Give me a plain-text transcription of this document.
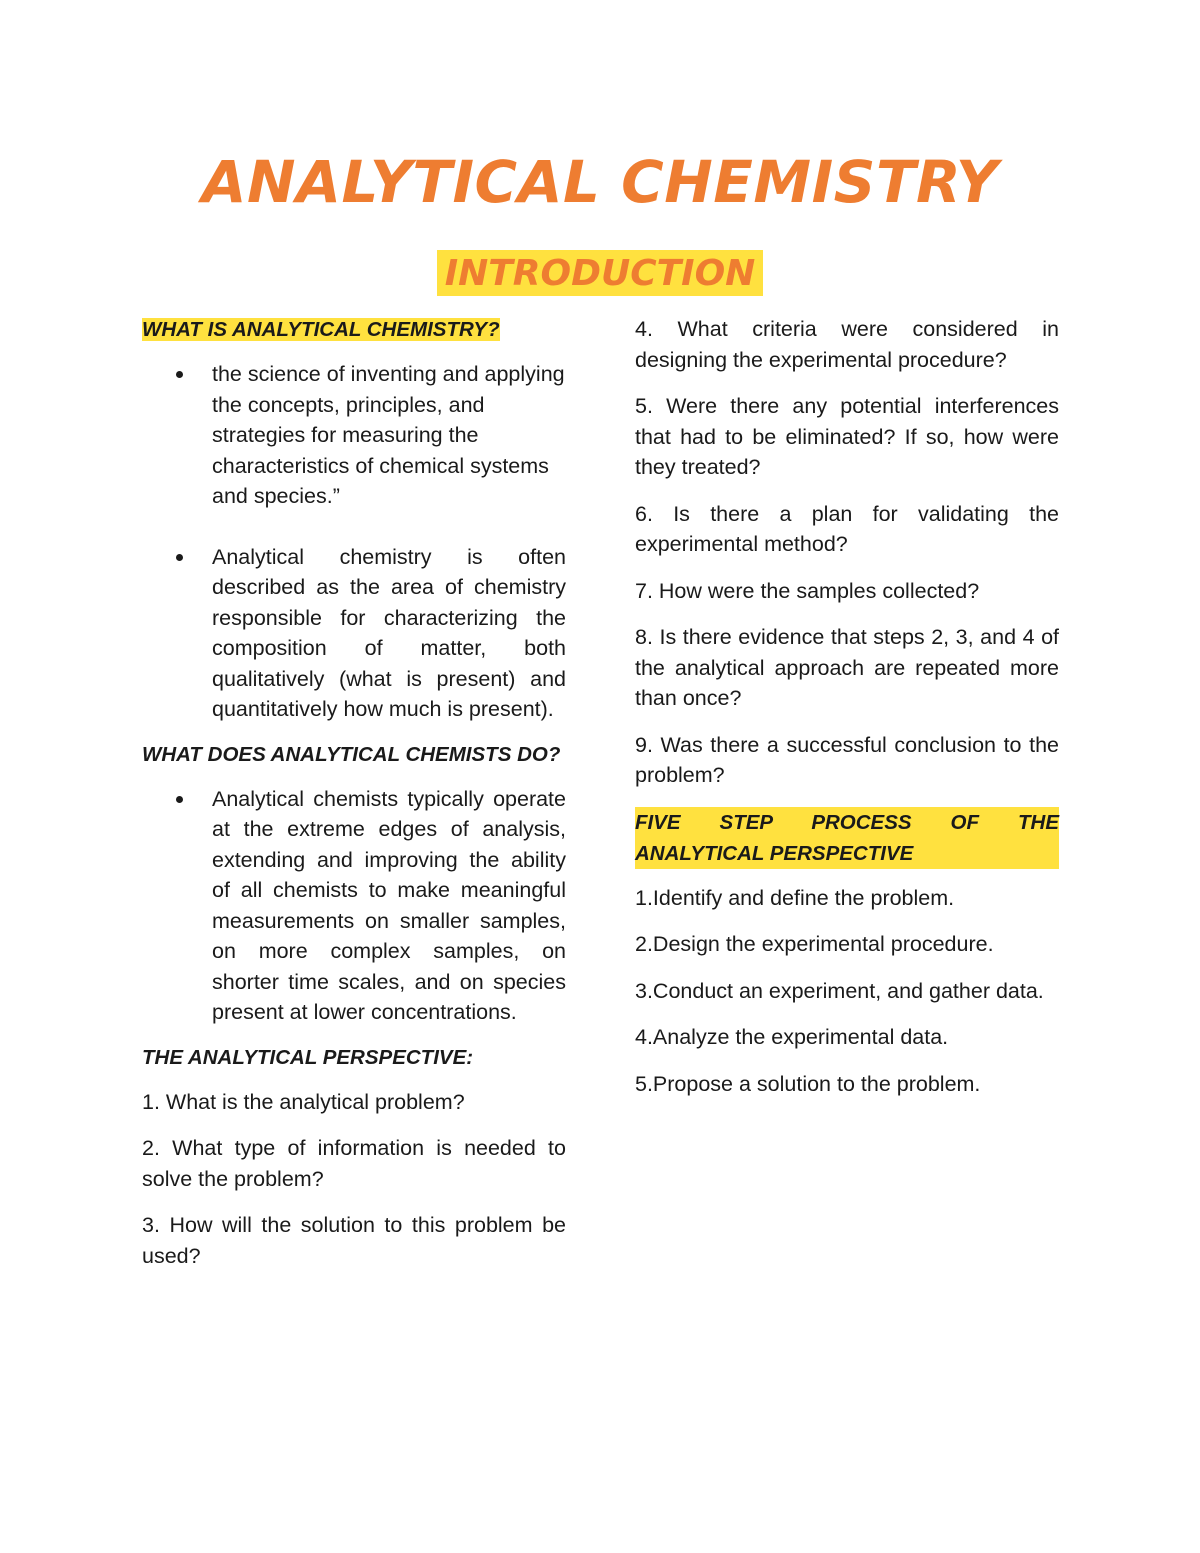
ANALYTICAL CHEMISTRY
INTRODUCTION
WHAT IS ANALYTICAL CHEMISTRY?
the science of inventing and applying the concepts, principles, and strategies for measuring the characteristics of chemical systems and species.”
Analytical chemistry is often described as the area of chemistry responsible for characterizing the composition of matter, both qualitatively (what is present) and quantitatively how much is present).
WHAT DOES ANALYTICAL CHEMISTS DO?
Analytical chemists typically operate at the extreme edges of analysis, extending and improving the ability of all chemists to make meaningful measurements on smaller samples, on more complex samples, on shorter time scales, and on species present at lower concentrations.
THE ANALYTICAL PERSPECTIVE:

1. What is the analytical problem?

2. What type of information is needed to solve the problem?

3. How will the solution to this problem be used?

4. What criteria were considered in designing the experimental procedure?

5. Were there any potential interferences that had to be eliminated? If so, how were they treated?

6. Is there a plan for validating the experimental method?

7. How were the samples collected?

8. Is there evidence that steps 2, 3, and 4 of the analytical approach are repeated more than once?

9. Was there a successful conclusion to the problem?

FIVE STEP PROCESS OF THE ANALYTICAL PERSPECTIVE

1.Identify and define the problem.

2.Design the experimental procedure.

3.Conduct an experiment, and gather data.

4.Analyze the experimental data.

5.Propose a solution to the problem.
